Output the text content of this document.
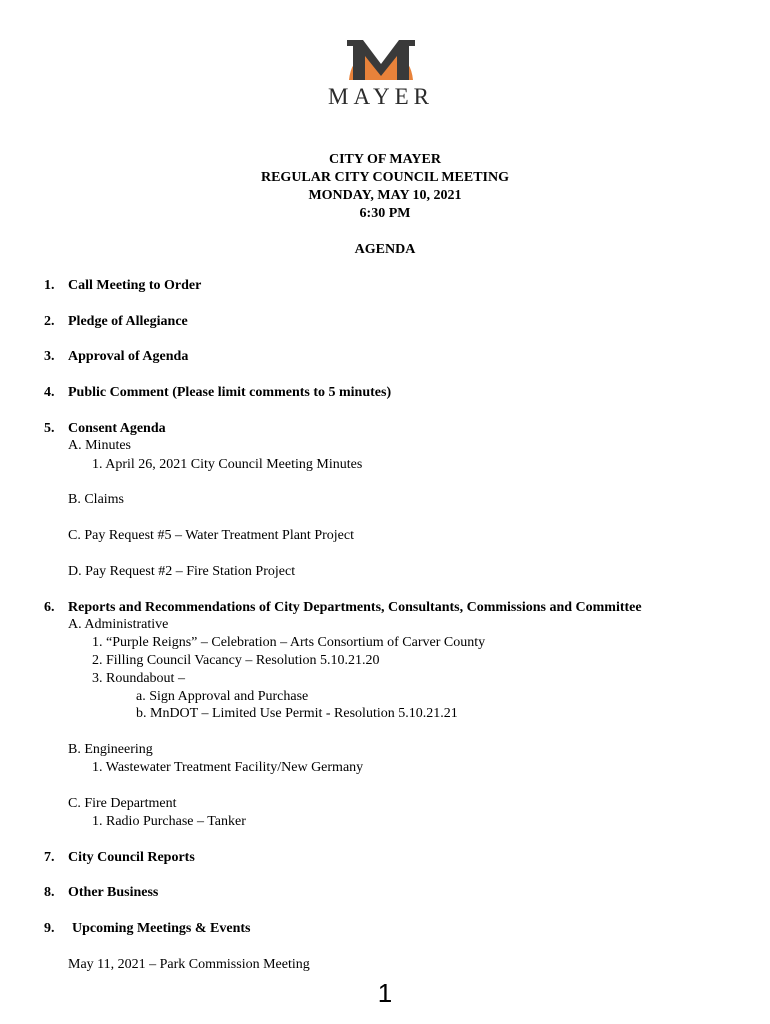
MAYER
CITY OF MAYER
REGULAR CITY COUNCIL MEETING
MONDAY, MAY 10, 2021
6:30 PM
AGENDA
1. Call Meeting to Order
2. Pledge of Allegiance
3. Approval of Agenda
4. Public Comment (Please limit comments to 5 minutes)
5. Consent Agenda
A. Minutes
1. April 26, 2021 City Council Meeting Minutes
B. Claims
C. Pay Request #5 – Water Treatment Plant Project
D. Pay Request #2 – Fire Station Project
6. Reports and Recommendations of City Departments, Consultants, Commissions and Committee
A. Administrative
1. “Purple Reigns” – Celebration – Arts Consortium of Carver County
2. Filling Council Vacancy – Resolution 5.10.21.20
3. Roundabout –
a. Sign Approval and Purchase
b. MnDOT – Limited Use Permit - Resolution 5.10.21.21
B. Engineering
1. Wastewater Treatment Facility/New Germany
C. Fire Department
1. Radio Purchase – Tanker
7. City Council Reports
8. Other Business
9. Upcoming Meetings & Events
May 11, 2021 – Park Commission Meeting
1
